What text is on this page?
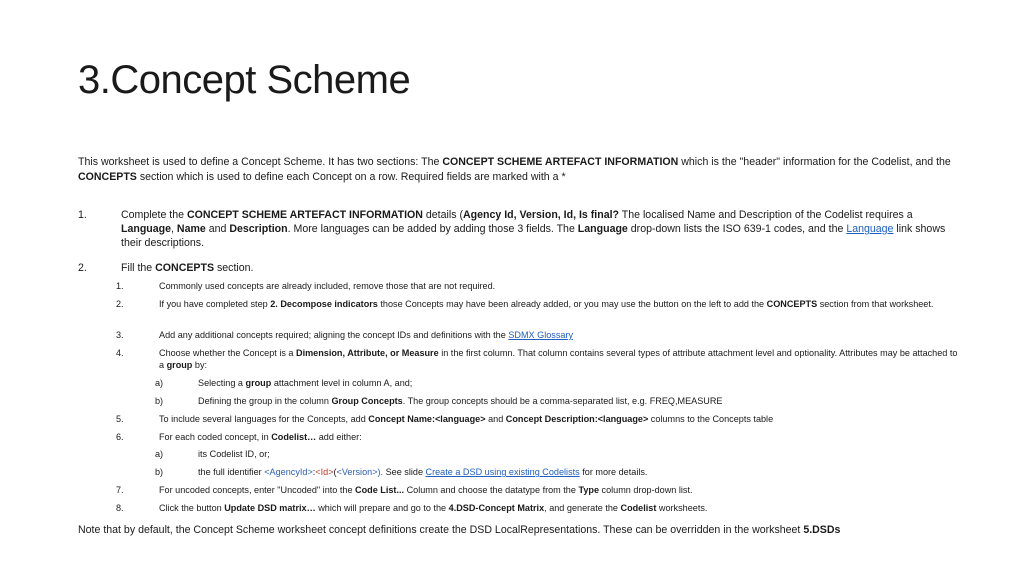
3.Concept Scheme
This worksheet is used to define a Concept Scheme. It has two sections: The CONCEPT SCHEME ARTEFACT INFORMATION which is the "header" information for the Codelist, and the CONCEPTS section which is used to define each Concept on a row. Required fields are marked with a *
1.	Complete the CONCEPT SCHEME ARTEFACT INFORMATION details (Agency Id, Version, Id, Is final? The localised Name and Description of the Codelist requires a Language, Name and Description. More languages can be added by adding those 3 fields. The Language drop-down lists the ISO 639-1 codes, and the Language link shows their descriptions.
2.	Fill the CONCEPTS section.
1.	Commonly used concepts are already included, remove those that are not required.
2.	If you have completed step 2. Decompose indicators those Concepts may have been already added, or you may use the button on the left to add the CONCEPTS section from that worksheet.
3.	Add any additional concepts required; aligning the concept IDs and definitions with the SDMX Glossary
4.	Choose whether the Concept is a Dimension, Attribute, or Measure in the first column. That column contains several types of attribute attachment level and optionality. Attributes may be attached to a group by:
a)	Selecting a group attachment level in column A, and;
b)	Defining the group in the column Group Concepts. The group concepts should be a comma-separated list, e.g. FREQ,MEASURE
5.	To include several languages for the Concepts, add Concept Name:<language> and Concept Description:<language> columns to the Concepts table
6.	For each coded concept, in Codelist… add either:
a)	its Codelist ID, or;
b)	the full identifier <AgencyId>:<Id>(<Version>). See slide Create a DSD using existing Codelists for more details.
7.	For uncoded concepts, enter "Uncoded" into the Code List... Column and choose the datatype from the Type column drop-down list.
8.	Click the button Update DSD matrix… which will prepare and go to the 4.DSD-Concept Matrix, and generate the Codelist worksheets.
Note that by default, the Concept Scheme worksheet concept definitions create the DSD LocalRepresentations. These can be overridden in the worksheet 5.DSDs
